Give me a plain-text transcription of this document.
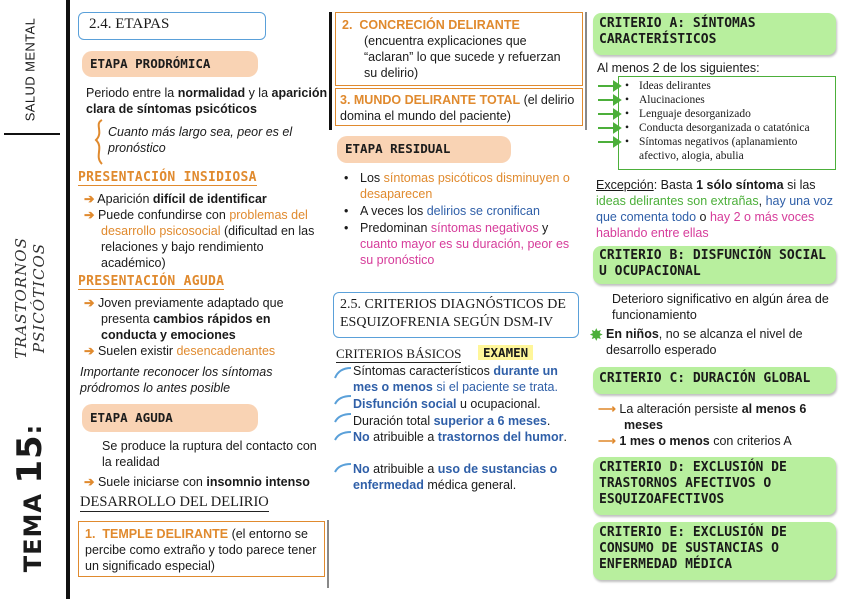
SALUD MENTAL
TRASTORNOS PSICÓTICOS
TEMA 15:
2.4. ETAPAS
ETAPA PRODRÓMICA
Periodo entre la normalidad y la aparición clara de síntomas psicóticos
Cuanto más largo sea, peor es el pronóstico
PRESENTACIÓN INSIDIOSA
➔ Aparición difícil de identificar
➔ Puede confundirse con problemas del desarrollo psicosocial (dificultad en las relaciones y bajo rendimiento académico)
PRESENTACIÓN AGUDA
➔ Joven previamente adaptado que presenta cambios rápidos en conducta y emociones
➔ Suelen existir desencadenantes
Importante reconocer los síntomas pródromos lo antes posible
ETAPA AGUDA
Se produce la ruptura del contacto con la realidad
➔ Suele iniciarse con insomnio intenso
DESARROLLO DEL DELIRIO
1. TEMPLE DELIRANTE (el entorno se percibe como extraño y todo parece tener un significado especial)
2. CONCRECIÓN DELIRANTE
(encuentra explicaciones que “aclaran” lo que sucede y refuerzan su delirio)
3. MUNDO DELIRANTE TOTAL (el delirio domina el mundo del paciente)
ETAPA RESIDUAL
• Los síntomas psicóticos disminuyen o desaparecen
• A veces los delirios se cronifican
• Predominan síntomas negativos y cuanto mayor es su duración, peor es su pronóstico
2.5. CRITERIOS DIAGNÓSTICOS DE ESQUIZOFRENIA SEGÚN DSM-IV
CRITERIOS BÁSICOS	EXAMEN
Síntomas característicos durante un mes o menos si el paciente se trata.
Disfunción social u ocupacional.
Duración total superior a 6 meses.
No atribuible a trastornos del humor.
No atribuible a uso de sustancias o enfermedad médica general.
CRITERIO A: SÍNTOMAS CARACTERÍSTICOS
Al menos 2 de los siguientes:
• Ideas delirantes
• Alucinaciones
• Lenguaje desorganizado
• Conducta desorganizada o catatónica
• Síntomas negativos (aplanamiento afectivo, alogia, abulia
Excepción: Basta 1 sólo síntoma si las ideas delirantes son extrañas, hay una voz que comenta todo o hay 2 o más voces hablando entre ellas
CRITERIO B: DISFUNCIÓN SOCIAL U OCUPACIONAL
Deterioro significativo en algún área de funcionamiento
✸ En niños, no se alcanza el nivel de desarrollo esperado
CRITERIO C: DURACIÓN GLOBAL
⟶ La alteración persiste al menos 6 meses
⟶ 1 mes o menos con criterios A
CRITERIO D: EXCLUSIÓN DE TRASTORNOS AFECTIVOS O ESQUIZOAFECTIVOS
CRITERIO E: EXCLUSIÓN DE CONSUMO DE SUSTANCIAS O ENFERMEDAD MÉDICA
